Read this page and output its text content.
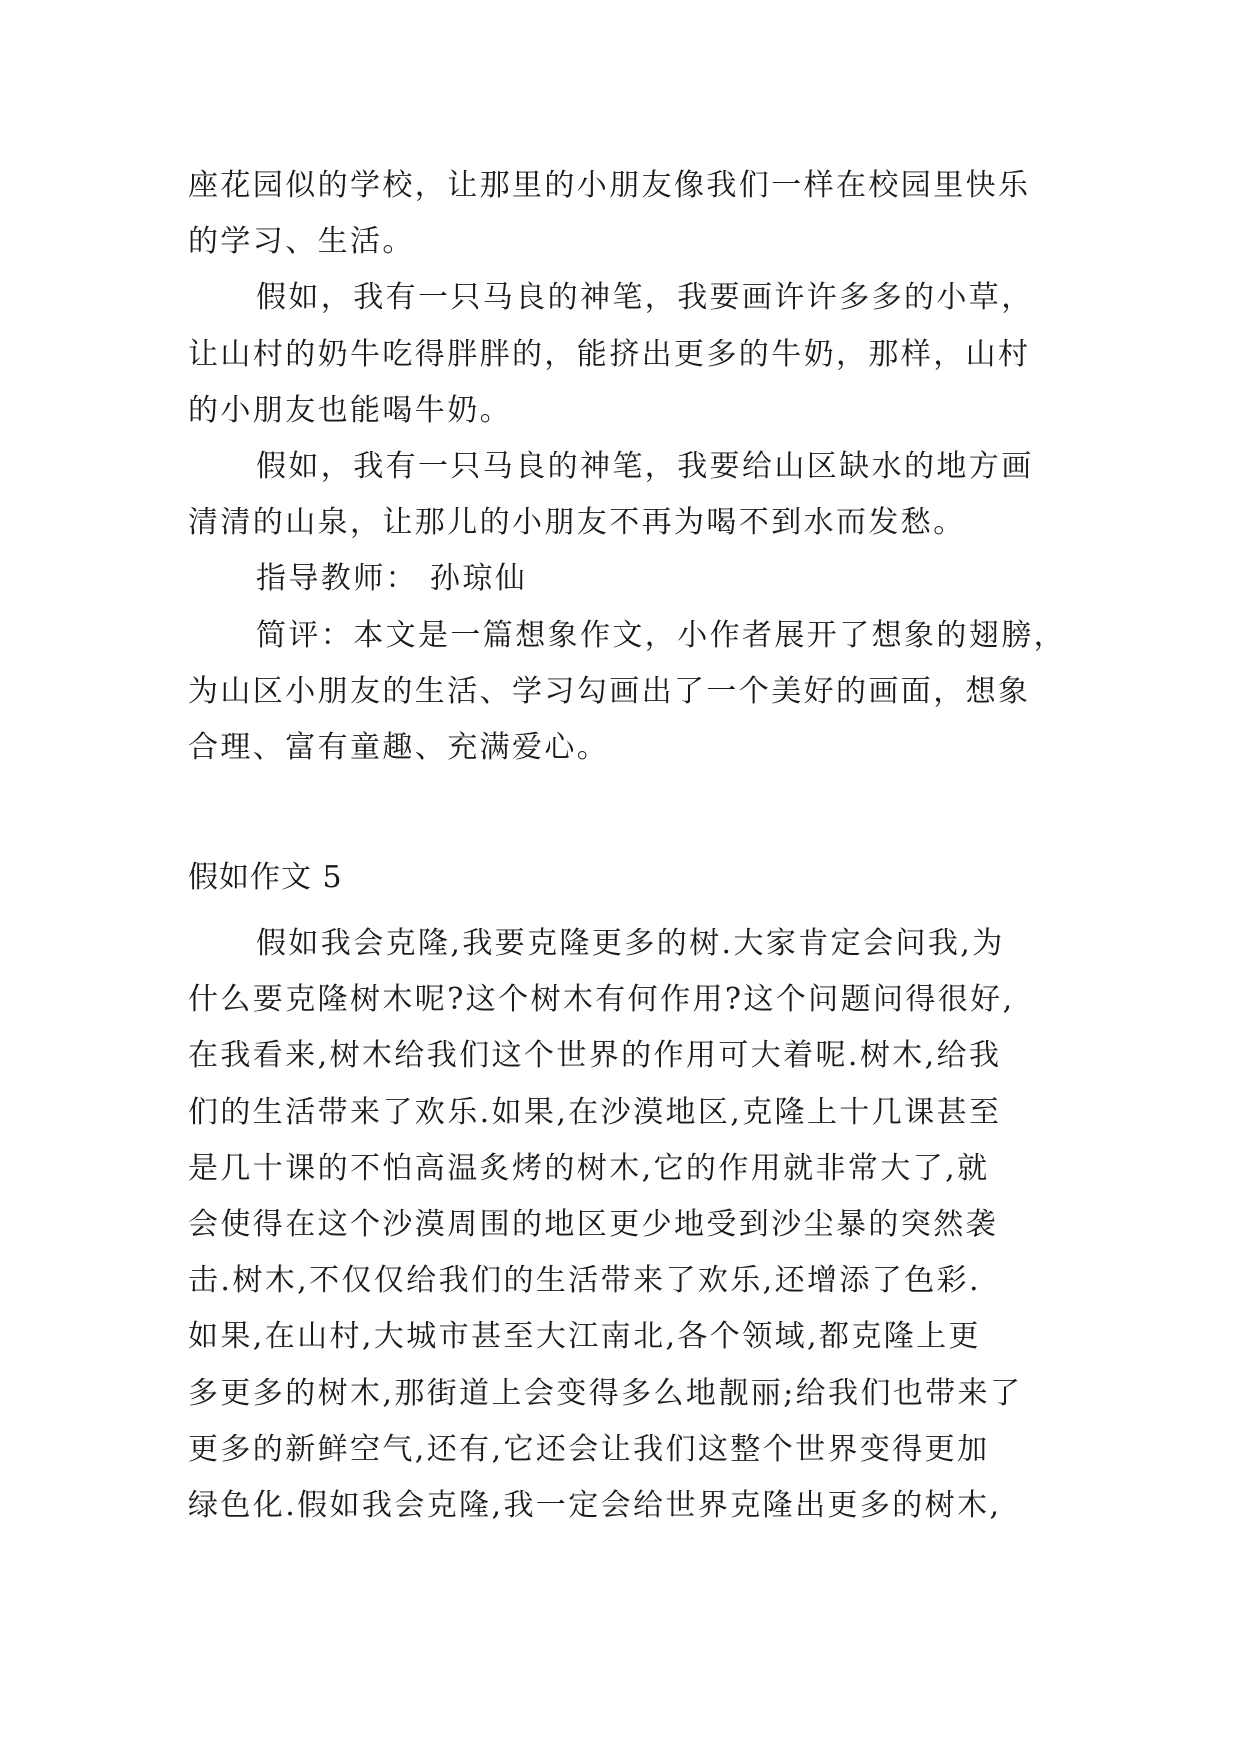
座花园似的学校，让那里的小朋友像我们一样在校园里快乐
的学习、生活。
假如，我有一只马良的神笔，我要画许许多多的小草，
让山村的奶牛吃得胖胖的，能挤出更多的牛奶，那样，山村
的小朋友也能喝牛奶。
假如，我有一只马良的神笔，我要给山区缺水的地方画
清清的山泉，让那儿的小朋友不再为喝不到水而发愁。
指导教师： 孙琼仙
简评：本文是一篇想象作文，小作者展开了想象的翅膀，
为山区小朋友的生活、学习勾画出了一个美好的画面，想象
合理、富有童趣、充满爱心。
假如作文 5
假如我会克隆,我要克隆更多的树.大家肯定会问我,为
什么要克隆树木呢?这个树木有何作用?这个问题问得很好,
在我看来,树木给我们这个世界的作用可大着呢.树木,给我
们的生活带来了欢乐.如果,在沙漠地区,克隆上十几课甚至
是几十课的不怕高温炙烤的树木,它的作用就非常大了,就
会使得在这个沙漠周围的地区更少地受到沙尘暴的突然袭
击.树木,不仅仅给我们的生活带来了欢乐,还增添了色彩.
如果,在山村,大城市甚至大江南北,各个领域,都克隆上更
多更多的树木,那街道上会变得多么地靓丽;给我们也带来了
更多的新鲜空气,还有,它还会让我们这整个世界变得更加
绿色化.假如我会克隆,我一定会给世界克隆出更多的树木,
